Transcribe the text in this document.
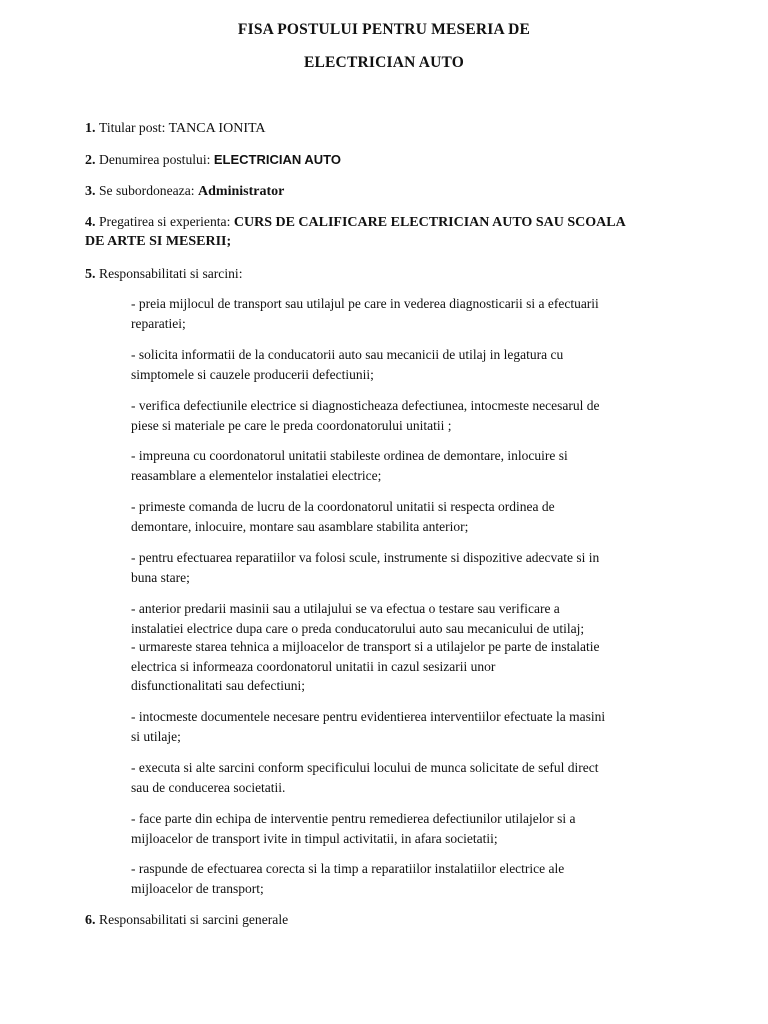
FISA POSTULUI PENTRU MESERIA DE
ELECTRICIAN AUTO
1. Titular post: TANCA IONITA
2. Denumirea postului: ELECTRICIAN AUTO
3. Se subordoneaza: Administrator
4. Pregatirea si experienta: CURS DE CALIFICARE ELECTRICIAN AUTO SAU SCOALA
DE ARTE SI MESERII;
5. Responsabilitati si sarcini:

- preia mijlocul de transport sau utilajul pe care in vederea diagnosticarii si a efectuarii
reparatiei;

- solicita informatii de la conducatorii auto sau mecanicii de utilaj in legatura cu
simptomele si cauzele producerii defectiunii;

- verifica defectiunile electrice si diagnosticheaza defectiunea, intocmeste necesarul de
piese si materiale pe care le preda coordonatorului unitatii ;

- impreuna cu coordonatorul unitatii stabileste ordinea de demontare, inlocuire si
reasamblare a elementelor instalatiei electrice;

- primeste comanda de lucru de la coordonatorul unitatii si respecta ordinea de
demontare, inlocuire, montare sau asamblare stabilita anterior;

- pentru efectuarea reparatiilor va folosi scule, instrumente si dispozitive adecvate si in
buna stare;

- anterior predarii masinii sau a utilajului se va efectua o testare sau verificare a
instalatiei electrice dupa care o preda conducatorului auto sau mecanicului de utilaj;

- urmareste starea tehnica a mijloacelor de transport si a utilajelor pe parte de instalatie
electrica si informeaza coordonatorul unitatii in cazul sesizarii unor
disfunctionalitati sau defectiuni;

- intocmeste documentele necesare pentru evidentierea interventiilor efectuate la masini
si utilaje;

- executa si alte sarcini conform specificului locului de munca solicitate de seful direct
sau de conducerea societatii.

- face parte din echipa de interventie pentru remedierea defectiunilor utilajelor si a
mijloacelor de transport ivite in timpul activitatii, in afara societatii;

- raspunde de efectuarea corecta si la timp a reparatiilor instalatiilor electrice ale
mijloacelor de transport;

6. Responsabilitati si sarcini generale
